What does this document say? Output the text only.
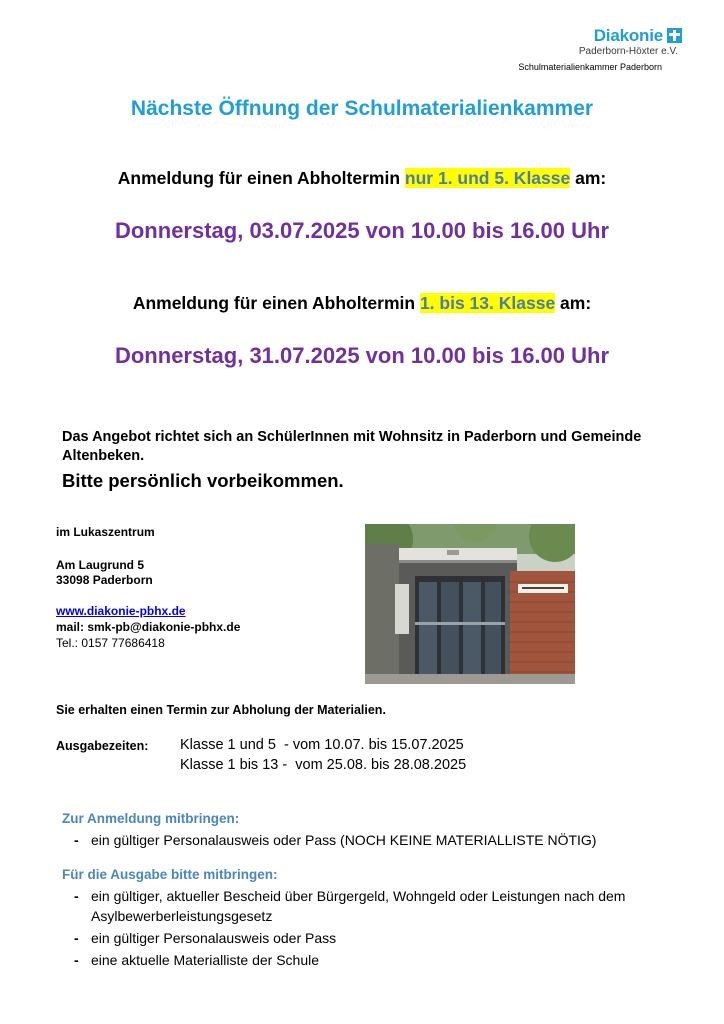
Diakonie
Paderborn-Höxter e.V.
Schulmaterialienkammer Paderborn
Nächste Öffnung der Schulmaterialienkammer
Anmeldung für einen Abholtermin nur 1. und 5. Klasse am:
Donnerstag, 03.07.2025 von 10.00 bis 16.00 Uhr
Anmeldung für einen Abholtermin 1. bis 13. Klasse am:
Donnerstag, 31.07.2025 von 10.00 bis 16.00 Uhr
Das Angebot richtet sich an SchülerInnen mit Wohnsitz in Paderborn und Gemeinde Altenbeken.
Bitte persönlich vorbeikommen.
im Lukaszentrum
Am Laugrund 5
33098 Paderborn
www.diakonie-pbhx.de
mail: smk-pb@diakonie-pbhx.de
Tel.: 0157 77686418
Sie erhalten einen Termin zur Abholung der Materialien.
Ausgabezeiten: Klasse 1 und 5  - vom 10.07. bis 15.07.2025
Klasse 1 bis 13 -  vom 25.08. bis 28.08.2025
Zur Anmeldung mitbringen:
- ein gültiger Personalausweis oder Pass (NOCH KEINE MATERIALLISTE NÖTIG)
Für die Ausgabe bitte mitbringen:
- ein gültiger, aktueller Bescheid über Bürgergeld, Wohngeld oder Leistungen nach dem Asylbewerberleistungsgesetz
- ein gültiger Personalausweis oder Pass
- eine aktuelle Materialliste der Schule
